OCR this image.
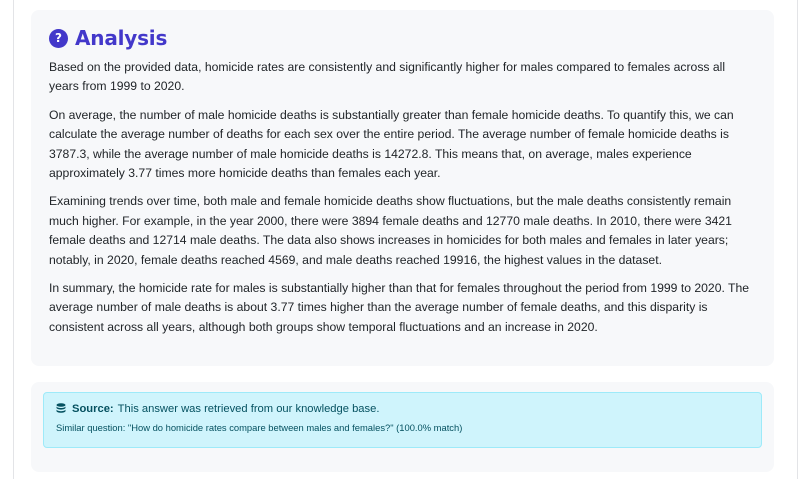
? Analysis

Based on the provided data, homicide rates are consistently and significantly higher for males compared to females across all years from 1999 to 2020.

On average, the number of male homicide deaths is substantially greater than female homicide deaths. To quantify this, we can calculate the average number of deaths for each sex over the entire period. The average number of female homicide deaths is 3787.3, while the average number of male homicide deaths is 14272.8. This means that, on average, males experience approximately 3.77 times more homicide deaths than females each year.

Examining trends over time, both male and female homicide deaths show fluctuations, but the male deaths consistently remain much higher. For example, in the year 2000, there were 3894 female deaths and 12770 male deaths. In 2010, there were 3421 female deaths and 12714 male deaths. The data also shows increases in homicides for both males and females in later years; notably, in 2020, female deaths reached 4569, and male deaths reached 19916, the highest values in the dataset.

In summary, the homicide rate for males is substantially higher than that for females throughout the period from 1999 to 2020. The average number of male deaths is about 3.77 times higher than the average number of female deaths, and this disparity is consistent across all years, although both groups show temporal fluctuations and an increase in 2020.

Source: This answer was retrieved from our knowledge base.
Similar question: "How do homicide rates compare between males and females?" (100.0% match)
